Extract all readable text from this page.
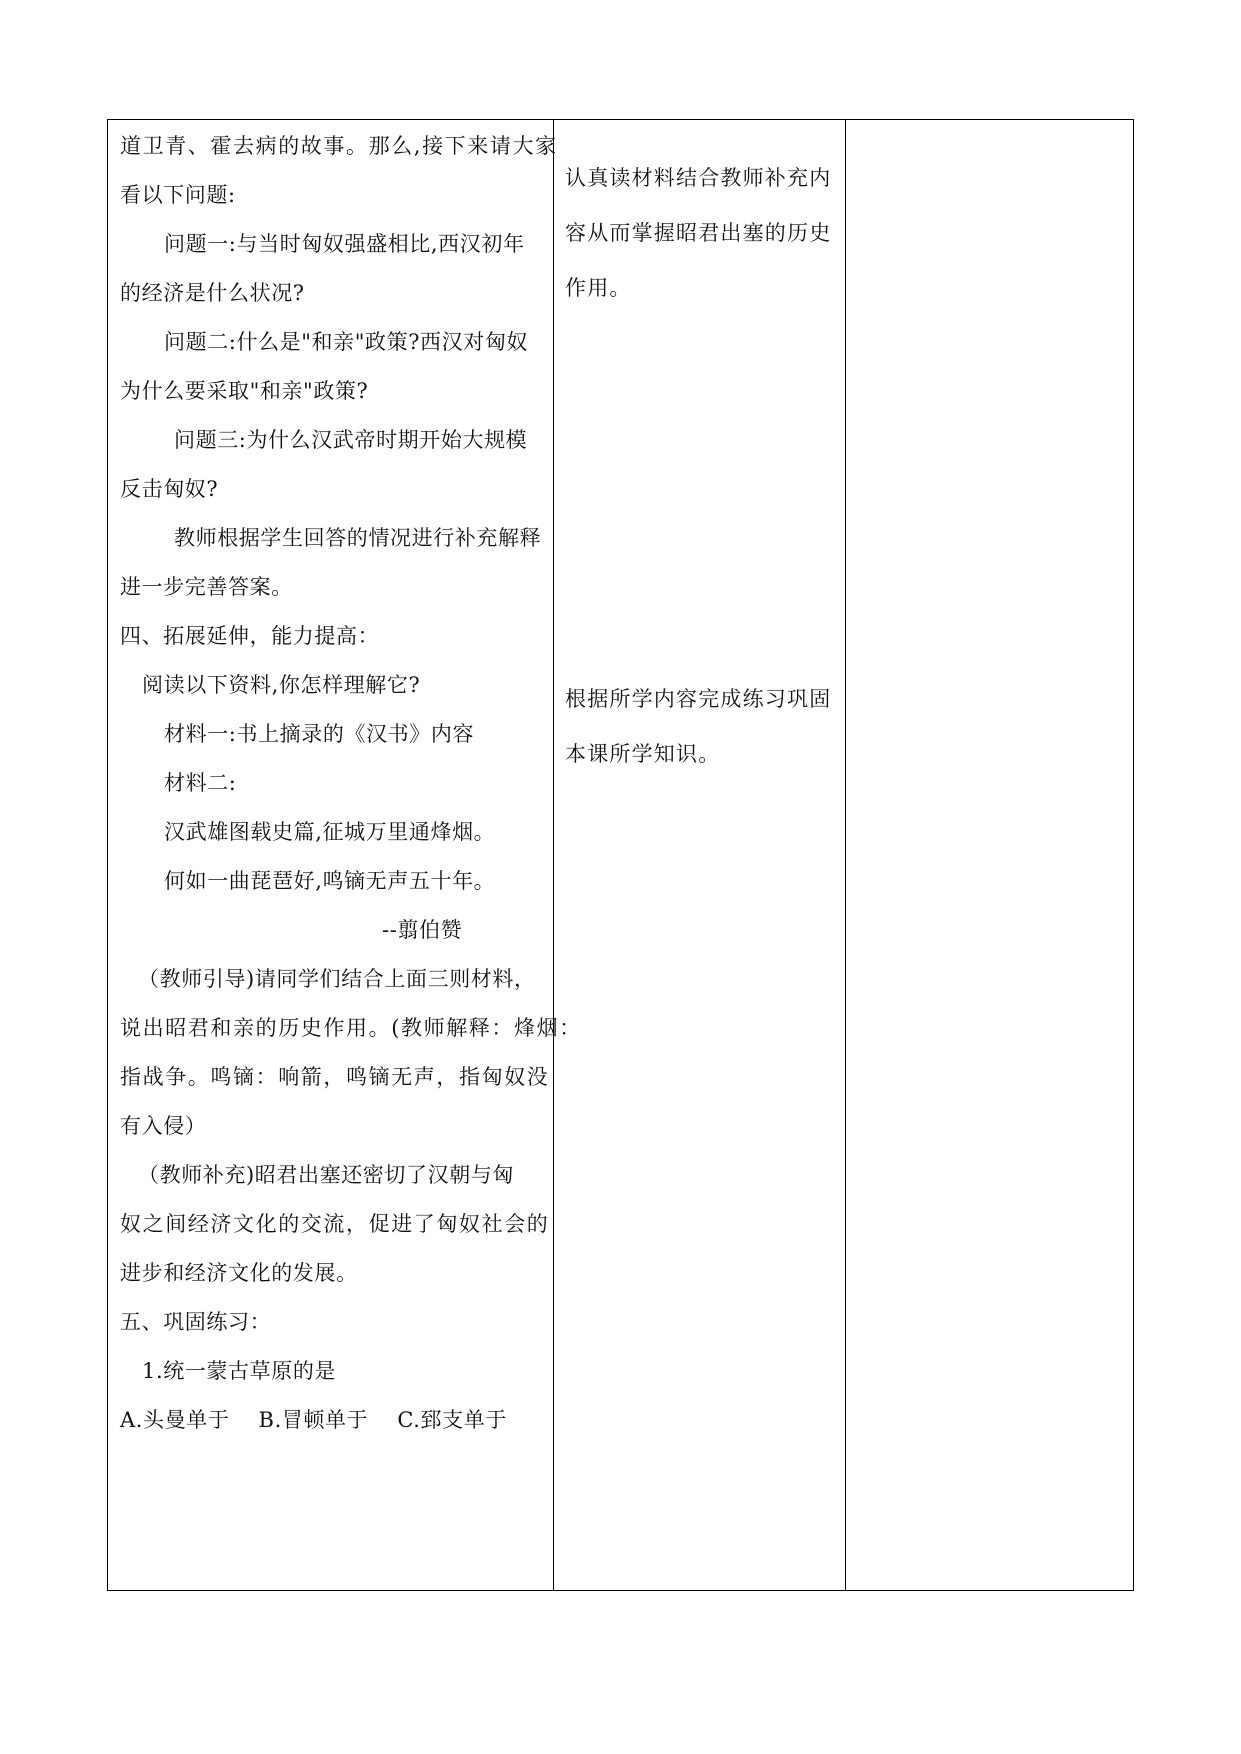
道卫青、霍去病的故事。那么,接下来请大家
看以下问题:
问题一:与当时匈奴强盛相比,西汉初年
的经济是什么状况?
问题二:什么是"和亲"政策?西汉对匈奴
为什么要采取"和亲"政策?
问题三:为什么汉武帝时期开始大规模
反击匈奴?
教师根据学生回答的情况进行补充解释
进一步完善答案。
四、拓展延伸，能力提高：
阅读以下资料,你怎样理解它?
材料一:书上摘录的《汉书》内容
材料二:
汉武雄图载史篇,征城万里通烽烟。
何如一曲琵琶好,鸣镝无声五十年。
--翦伯赞
（教师引导)请同学们结合上面三则材料，
说出昭君和亲的历史作用。(教师解释：烽烟：
指战争。鸣镝：响箭，鸣镝无声，指匈奴没
有入侵）
（教师补充)昭君出塞还密切了汉朝与匈
奴之间经济文化的交流，促进了匈奴社会的
进步和经济文化的发展。
五、巩固练习：
1.统一蒙古草原的是
A.头曼单于    B.冒顿单于    C.郅支单于
认真读材料结合教师补充内
容从而掌握昭君出塞的历史
作用。
根据所学内容完成练习巩固
本课所学知识。
